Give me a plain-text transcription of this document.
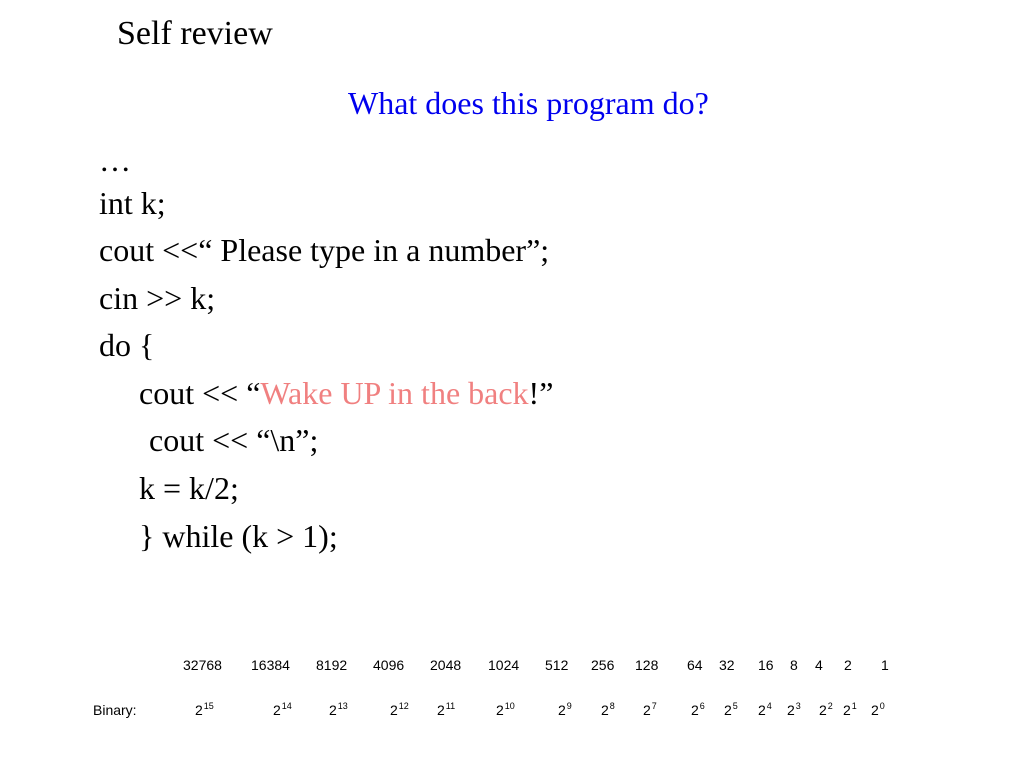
Self review
What does this program do?
…
int k;
cout <<“ Please type in a number”;
cin >> k;
do {
cout << “Wake UP in the back!”
cout << “\n”;
k = k/2;
} while (k > 1);
32768 16384 8192 4096 2048 1024 512 256 128 64 32 16 8 4 2 1
Binary:	$2^{15}$	$2^{14}$	$2^{13}$	$2^{12}$ $2^{11}$	$2^{10}$	$2^9$ $2^8$ $2^7$ $2^6$ $2^5$ $2^4$ $2^3$ $2^2$ $2^1$ $2^0$
